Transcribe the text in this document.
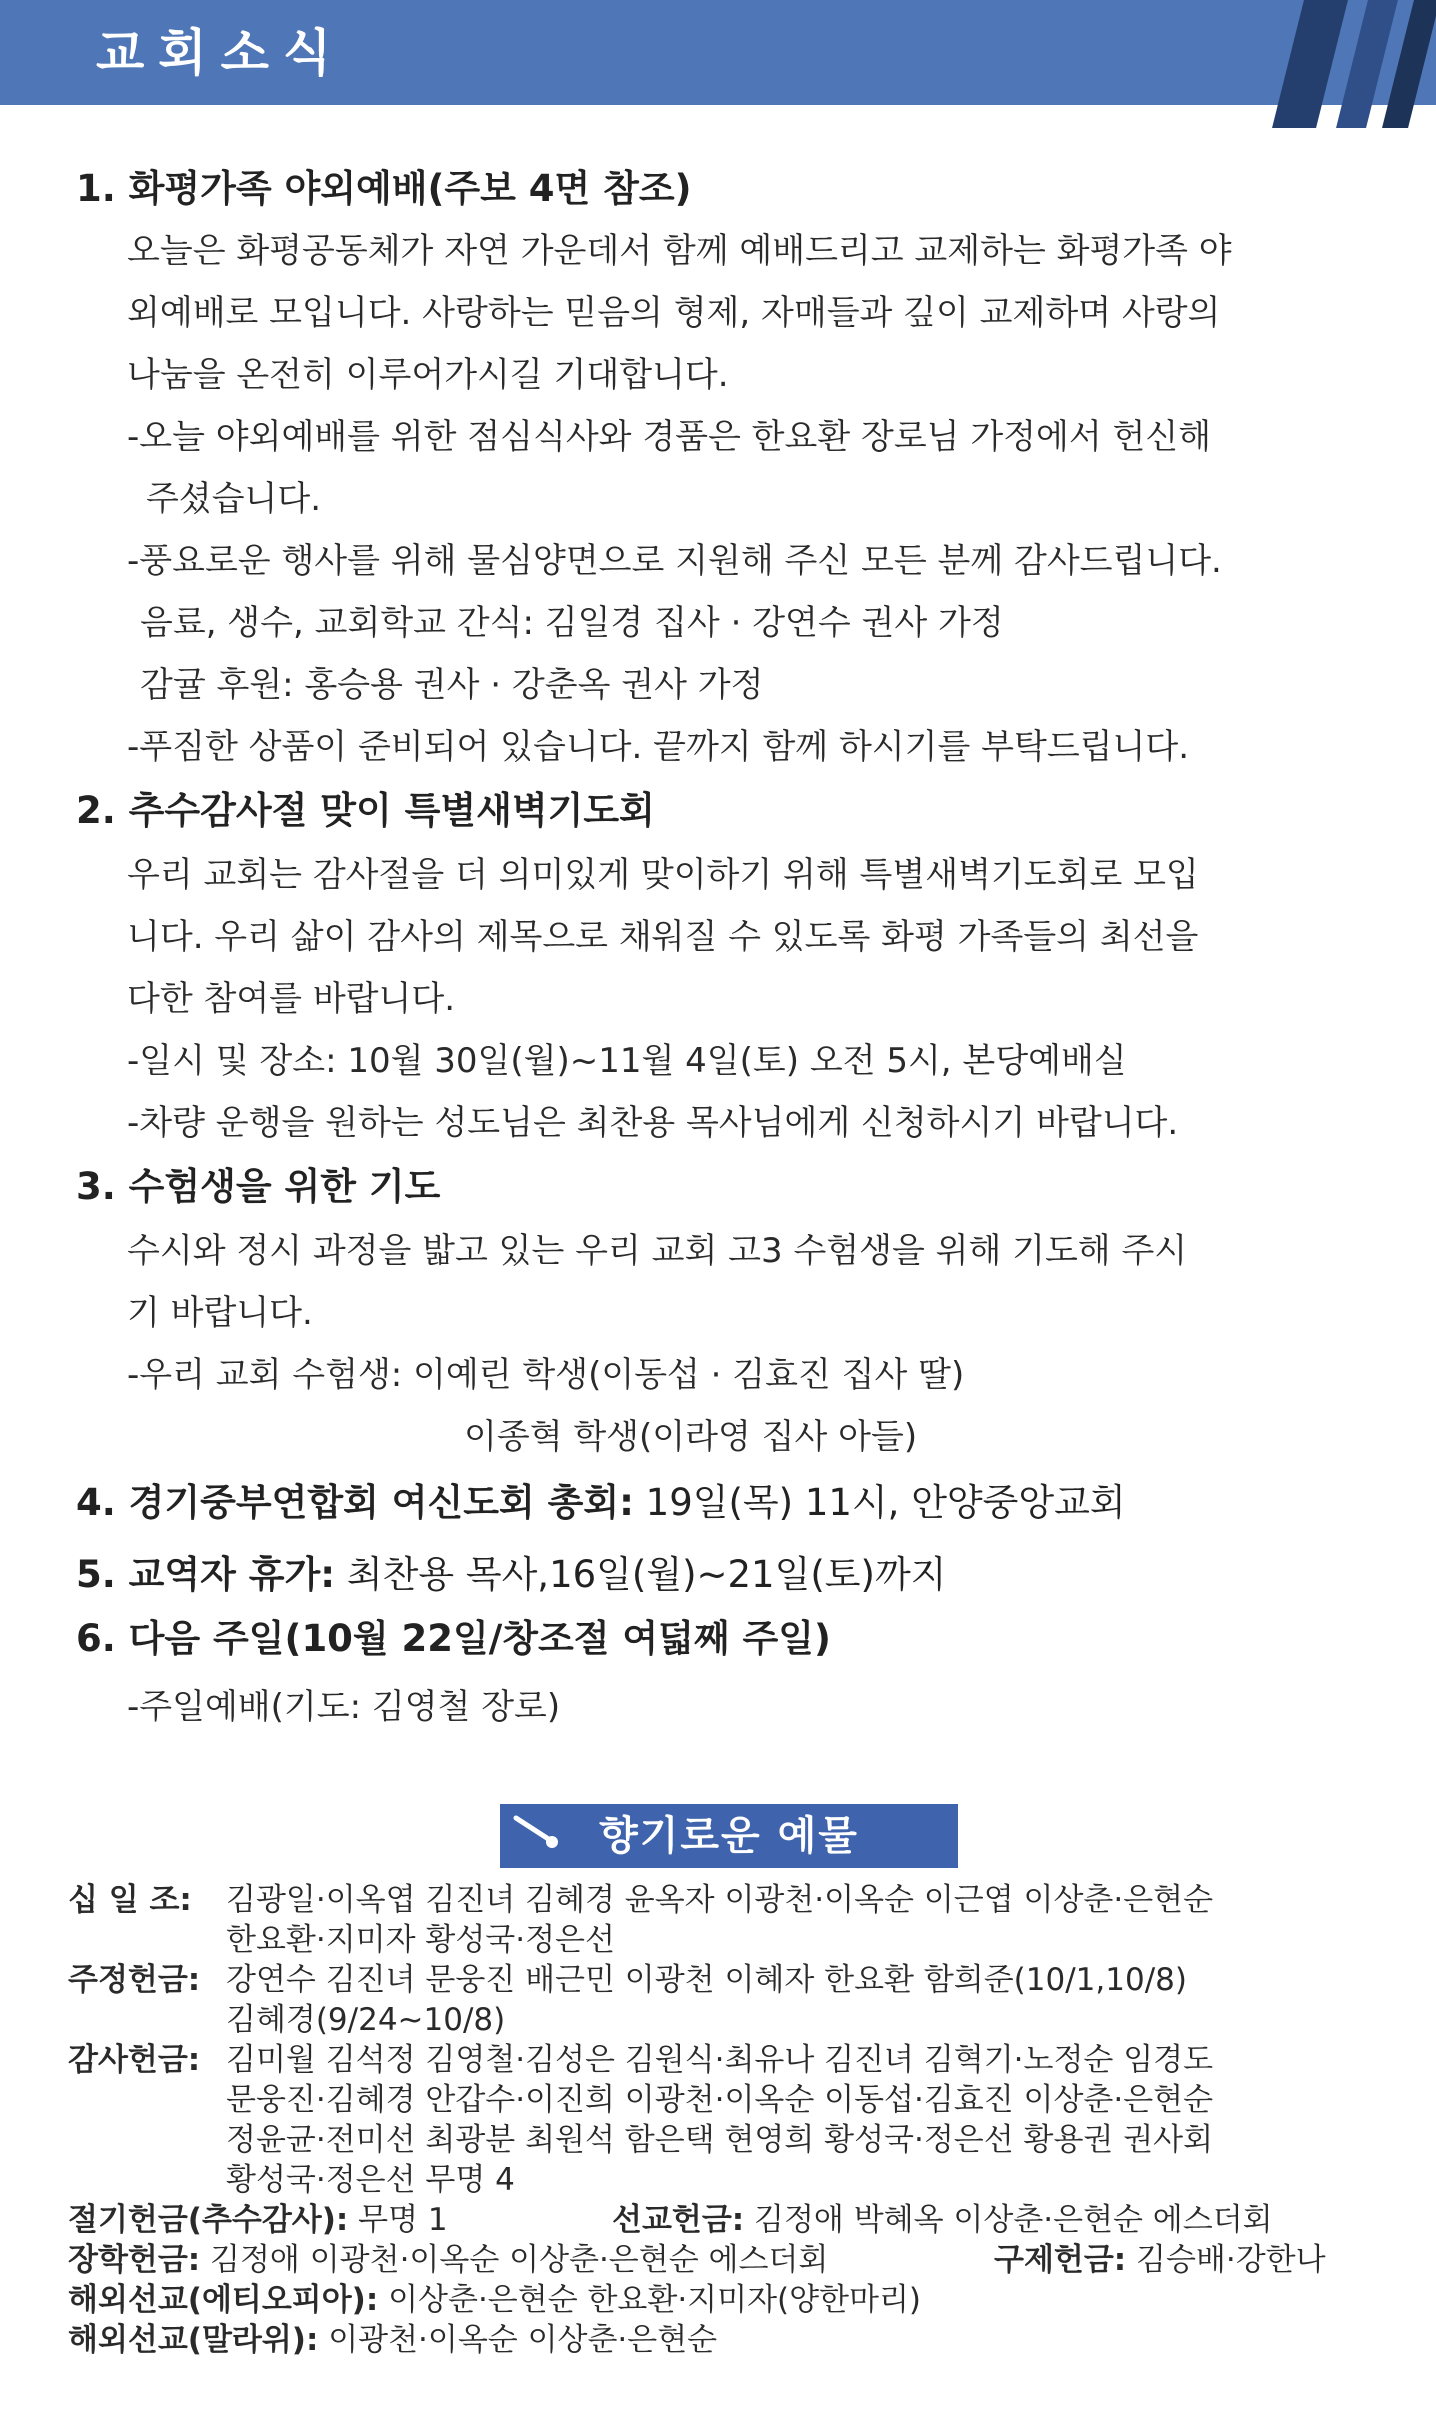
교회소식
1. 화평가족 야외예배(주보 4면 참조)
오늘은 화평공동체가 자연 가운데서 함께 예배드리고 교제하는 화평가족 야
외예배로 모입니다. 사랑하는 믿음의 형제, 자매들과 깊이 교제하며 사랑의
나눔을 온전히 이루어가시길 기대합니다.
-오늘 야외예배를 위한 점심식사와 경품은 한요환 장로님 가정에서 헌신해
주셨습니다.
-풍요로운 행사를 위해 물심양면으로 지원해 주신 모든 분께 감사드립니다.
음료, 생수, 교회학교 간식: 김일경 집사 · 강연수 권사 가정
감귤 후원: 홍승용 권사 · 강춘옥 권사 가정
-푸짐한 상품이 준비되어 있습니다. 끝까지 함께 하시기를 부탁드립니다.
2. 추수감사절 맞이 특별새벽기도회
우리 교회는 감사절을 더 의미있게 맞이하기 위해 특별새벽기도회로 모입
니다. 우리 삶이 감사의 제목으로 채워질 수 있도록 화평 가족들의 최선을
다한 참여를 바랍니다.
-일시 및 장소: 10월 30일(월)~11월 4일(토) 오전 5시, 본당예배실
-차량 운행을 원하는 성도님은 최찬용 목사님에게 신청하시기 바랍니다.
3. 수험생을 위한 기도
수시와 정시 과정을 밟고 있는 우리 교회 고3 수험생을 위해 기도해 주시
기 바랍니다.
-우리 교회 수험생: 이예린 학생(이동섭 · 김효진 집사 딸)
이종혁 학생(이라영 집사 아들)
4. 경기중부연합회 여신도회 총회: 19일(목) 11시, 안양중앙교회
5. 교역자 휴가: 최찬용 목사,16일(월)~21일(토)까지
6. 다음 주일(10월 22일/창조절 여덟째 주일)
-주일예배(기도: 김영철 장로)
향기로운 예물
십 일 조: 김광일·이옥엽 김진녀 김혜경 윤옥자 이광천·이옥순 이근엽 이상춘·은현순
한요환·지미자 황성국·정은선
주정헌금: 강연수 김진녀 문웅진 배근민 이광천 이혜자 한요환 함희준(10/1,10/8)
김혜경(9/24~10/8)
감사헌금: 김미월 김석정 김영철·김성은 김원식·최유나 김진녀 김혁기·노정순 임경도
문웅진·김혜경 안갑수·이진희 이광천·이옥순 이동섭·김효진 이상춘·은현순
정윤균·전미선 최광분 최원석 함은택 현영희 황성국·정은선 황용권 권사회
황성국·정은선 무명 4
절기헌금(추수감사): 무명 1	선교헌금: 김정애 박혜옥 이상춘·은현순 에스더회
장학헌금: 김정애 이광천·이옥순 이상춘·은현순 에스더회	구제헌금: 김승배·강한나
해외선교(에티오피아): 이상춘·은현순 한요환·지미자(양한마리)
해외선교(말라위): 이광천·이옥순 이상춘·은현순
